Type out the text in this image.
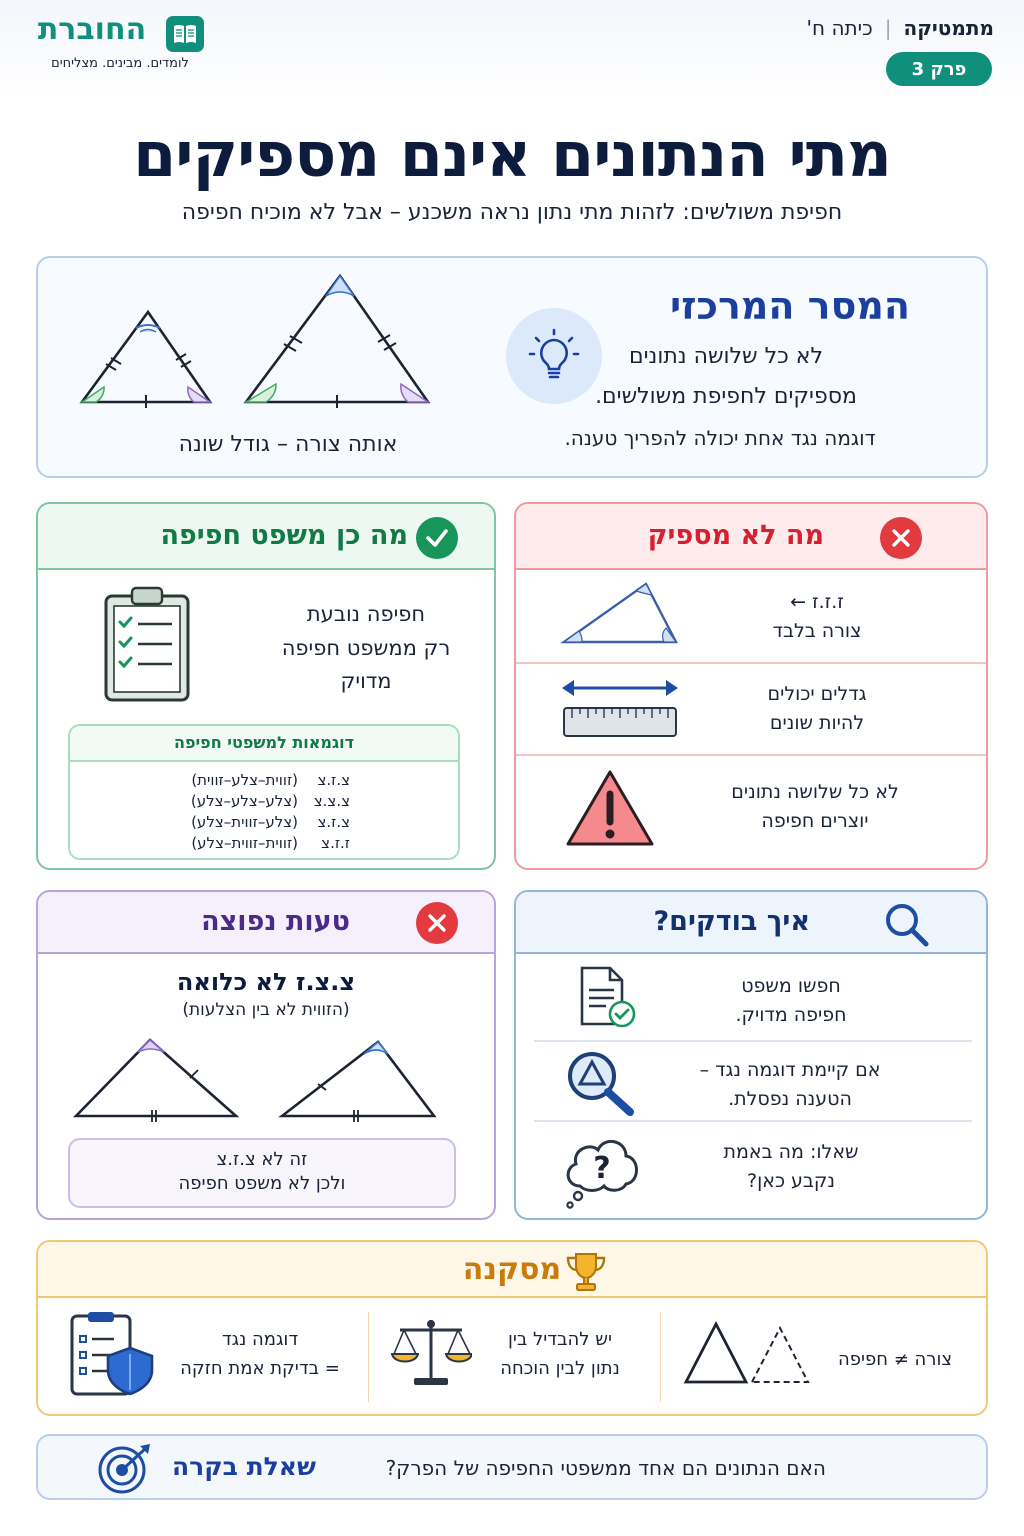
מתמטיקה
|
כיתה ח'
פרק 3
החוברת
לומדים. מבינים. מצליחים
מתי הנתונים אינם מספיקים
חפיפת משולשים: לזהות מתי נתון נראה משכנע – אבל לא מוכיח חפיפה
המסר המרכזי
לא כל שלושה נתונים
מספיקים לחפיפת משולשים.
דוגמה נגד אחת יכולה להפריך טענה.
אותה צורה – גודל שונה
מה לא מספיק
ז.ז.ז ←
צורה בלבד
גדלים יכולים
להיות שונים
לא כל שלושה נתונים
יוצרים חפיפה
מה כן משפט חפיפה
חפיפה נובעת
רק ממשפט חפיפה
מדויק
דוגמאות למשפטי חפיפה
צ.ז.צ
(זווית–צלע–זווית)
צ.צ.צ
(צלע–צלע–צלע)
צ.ז.צ
(צלע–זווית–צלע)
ז.ז.צ
(זווית–זווית–צלע)
איך בודקים?
חפשו משפט
חפיפה מדויק.
אם קיימת דוגמה נגד –
הטענה נפסלת.
שאלו: מה באמת
נקבע כאן?
?
טעות נפוצה
צ.צ.ז לא כלואה
(הזווית לא בין הצלעות)
זה לא צ.ז.צ
ולכן לא משפט חפיפה
מסקנה
צורה ≠ חפיפה
יש להבדיל בין
נתון לבין הוכחה
דוגמה נגד
= בדיקת אמת חזקה
האם הנתונים הם אחד ממשפטי החפיפה של הפרק?
שאלת בקרה
